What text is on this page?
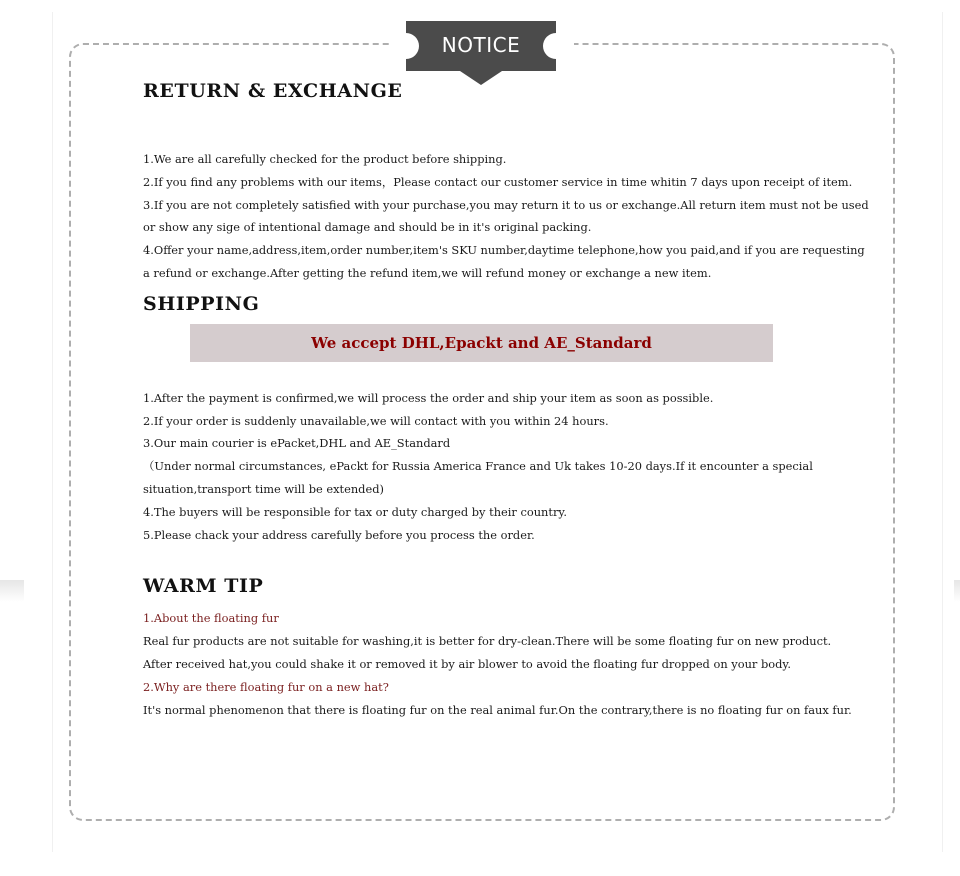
NOTICE
RETURN & EXCHANGE

1.We are all carefully checked for the product before shipping.

2.If you find any problems with our items，Please contact our customer service in time whitin 7 days upon receipt of item.

3.If you are not completely satisfied with your purchase,you may return it to us or exchange.All return item must not be used or show any sige of intentional damage and should be in it's original packing.

4.Offer your name,address,item,order number,item's SKU number,daytime telephone,how you paid,and if you are requesting a refund or exchange.After getting the refund item,we will refund money or exchange a new item.

SHIPPING
We accept DHL,Epackt and AE_Standard

1.After the payment is confirmed,we will process the order and ship your item as soon as possible.

2.If your order is suddenly unavailable,we will contact with you within 24 hours.

3.Our main courier is ePacket,DHL and AE_Standard

（Under normal circumstances, ePackt for Russia America France and Uk takes 10-20 days.If it encounter a special situation,transport time will be extended)

4.The buyers will be responsible for tax or duty charged by their country.

5.Please chack your address carefully before you process the order.

WARM TIP

1.About the floating fur

Real fur products are not suitable for washing,it is better for dry-clean.There will be some floating fur on new product.

After received hat,you could shake it or removed it by air blower to avoid the floating fur dropped on your body.

2.Why are there floating fur on a new hat?

It's normal phenomenon that there is floating fur on the real animal fur.On the contrary,there is no floating fur on faux fur.
